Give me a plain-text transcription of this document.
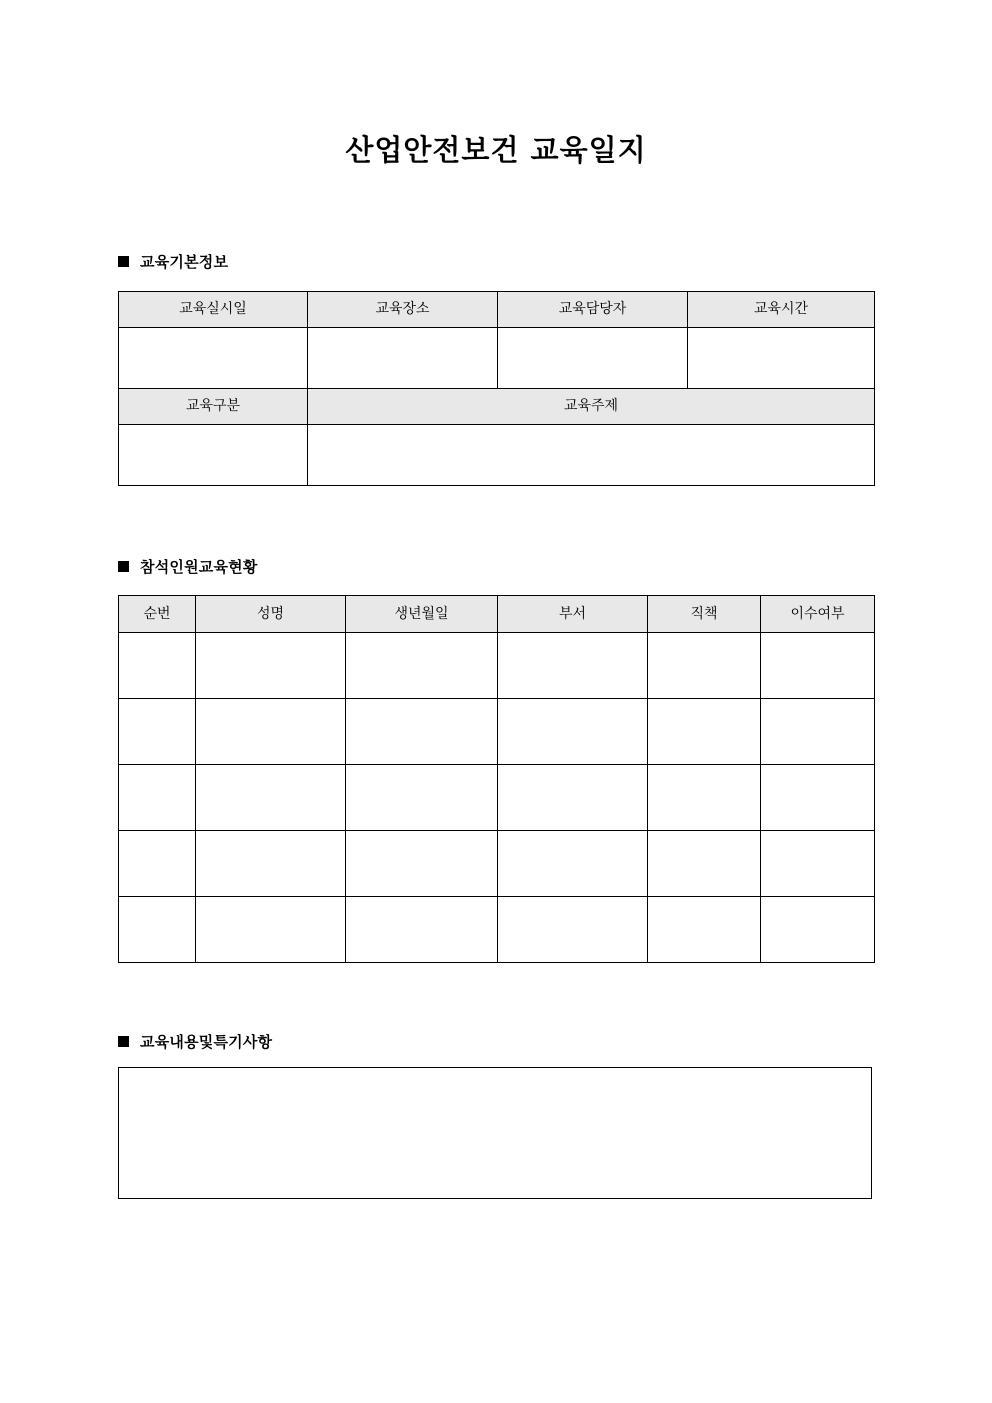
산업안전보건 교육일지
교육기본정보
교육실시일	교육장소	교육담당자	교육시간

교육구분	교육주제		

참석인원교육현황
순번	성명	생년월일	부서	직책	이수여부

교육내용및특기사항
